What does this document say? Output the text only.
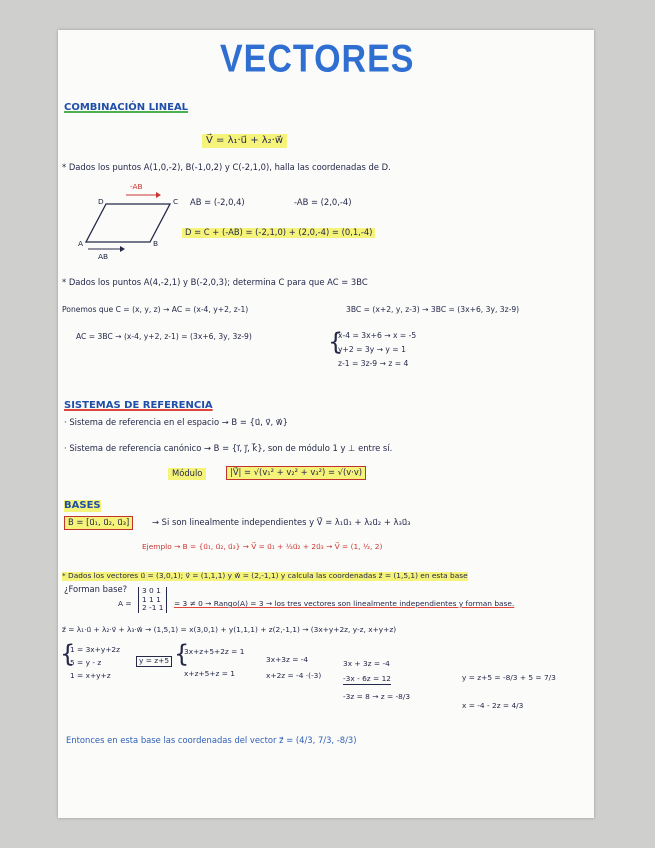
VECTORES
COMBINACIÓN LINEAL
V⃗ = λ₁·u⃗ + λ₂·w⃗
* Dados los puntos A(1,0,-2), B(-1,0,2) y C(-2,1,0), halla las coordenadas de D.
-AB
D	C
A	B
AB
AB = (-2,0,4)	-AB = (2,0,-4)
D = C + (-AB) = (-2,1,0) + (2,0,-4) = (0,1,-4)
* Dados los puntos A(4,-2,1) y B(-2,0,3); determina C para que AC = 3BC
Ponemos que C = (x, y, z) → AC = (x-4, y+2, z-1)	3BC = (x+2, y, z-3) → 3BC = (3x+6, 3y, 3z-9)
AC = 3BC → (x-4, y+2, z-1) = (3x+6, 3y, 3z-9)	{
x-4 = 3x+6 → x = -5
y+2 = 3y → y = 1
z-1 = 3z-9 → z = 4
SISTEMAS DE REFERENCIA
· Sistema de referencia en el espacio → B = {u⃗, v⃗, w⃗}
· Sistema de referencia canónico → B = {i⃗, j⃗, k⃗}, son de módulo 1 y ⊥ entre sí.
Módulo	|V⃗| = √(v₁² + v₂² + v₃²) = √(v·v)
BASES
B = [u⃗₁, u⃗₂, u⃗₃]	→ Si son linealmente independientes y V⃗ = λ₁u⃗₁ + λ₂u⃗₂ + λ₃u⃗₃
Ejemplo → B = {u⃗₁, u⃗₂, u⃗₃} → V⃗ = u⃗₁ + ½u⃗₂ + 2u⃗₃ → V⃗ = (1, ½, 2)
* Dados los vectores u⃗ = (3,0,1); v⃗ = (1,1,1) y w⃗ = (2,-1,1) y calcula las coordenadas z⃗ = (1,5,1) en esta base
¿Forman base?
A =
3 0 1
1 1 1
2 -1 1 = 3 ≠ 0 → Rango(A) = 3 → los tres vectores son linealmente independientes y forman base.
z⃗ = λ₁·u⃗ + λ₂·v⃗ + λ₃·w⃗ → (1,5,1) = x(3,0,1) + y(1,1,1) + z(2,-1,1) → (3x+y+2z, y-z, x+y+z)
{
1 = 3x+y+2z
5 = y - z
1 = x+y+z
y = z+5 {
3x+z+5+2z = 1
x+z+5+z = 1
3x+3z = -4
x+2z = -4 ·(-3)
3x + 3z = -4
-3x - 6z = 12
-3z = 8 → z = -8/3
y = z+5 = -8/3 + 5 = 7/3
x = -4 - 2z = 4/3
Entonces en esta base las coordenadas del vector z⃗ = (4/3, 7/3, -8/3)
